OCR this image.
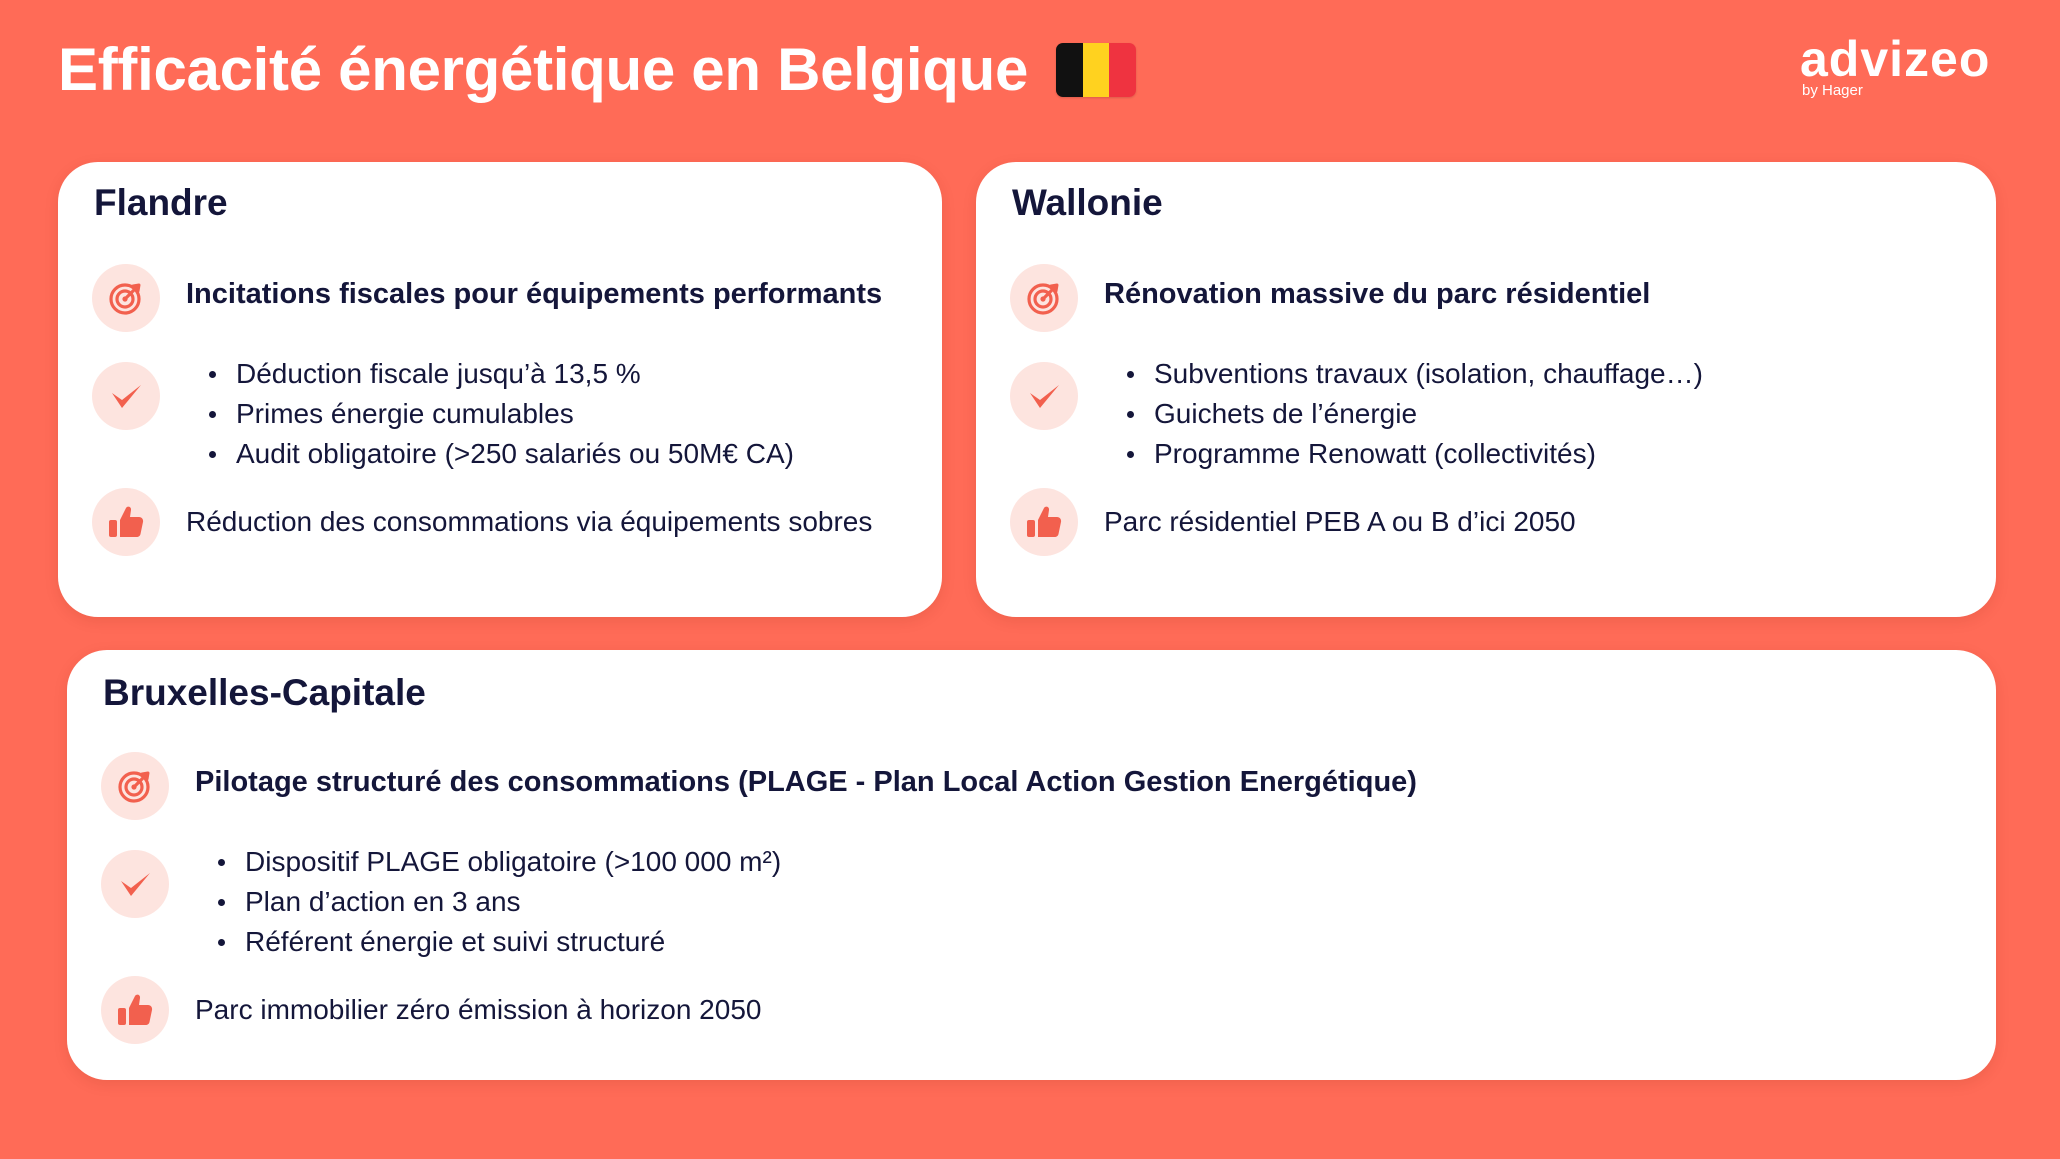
Efficacité énergétique en Belgique	advizeo
by Hager
Flandre
Incitations fiscales pour équipements performants
Déduction fiscale jusqu’à 13,5 %
Primes énergie cumulables
Audit obligatoire (>250 salariés ou 50M€ CA)
Réduction des consommations via équipements sobres
Wallonie
Rénovation massive du parc résidentiel
Subventions travaux (isolation, chauffage…)
Guichets de l’énergie
Programme Renowatt (collectivités)
Parc résidentiel PEB A ou B d’ici 2050
Bruxelles-Capitale
Pilotage structuré des consommations (PLAGE - Plan Local Action Gestion Energétique)
Dispositif PLAGE obligatoire (>100 000 m²)
Plan d’action en 3 ans
Référent énergie et suivi structuré
Parc immobilier zéro émission à horizon 2050
